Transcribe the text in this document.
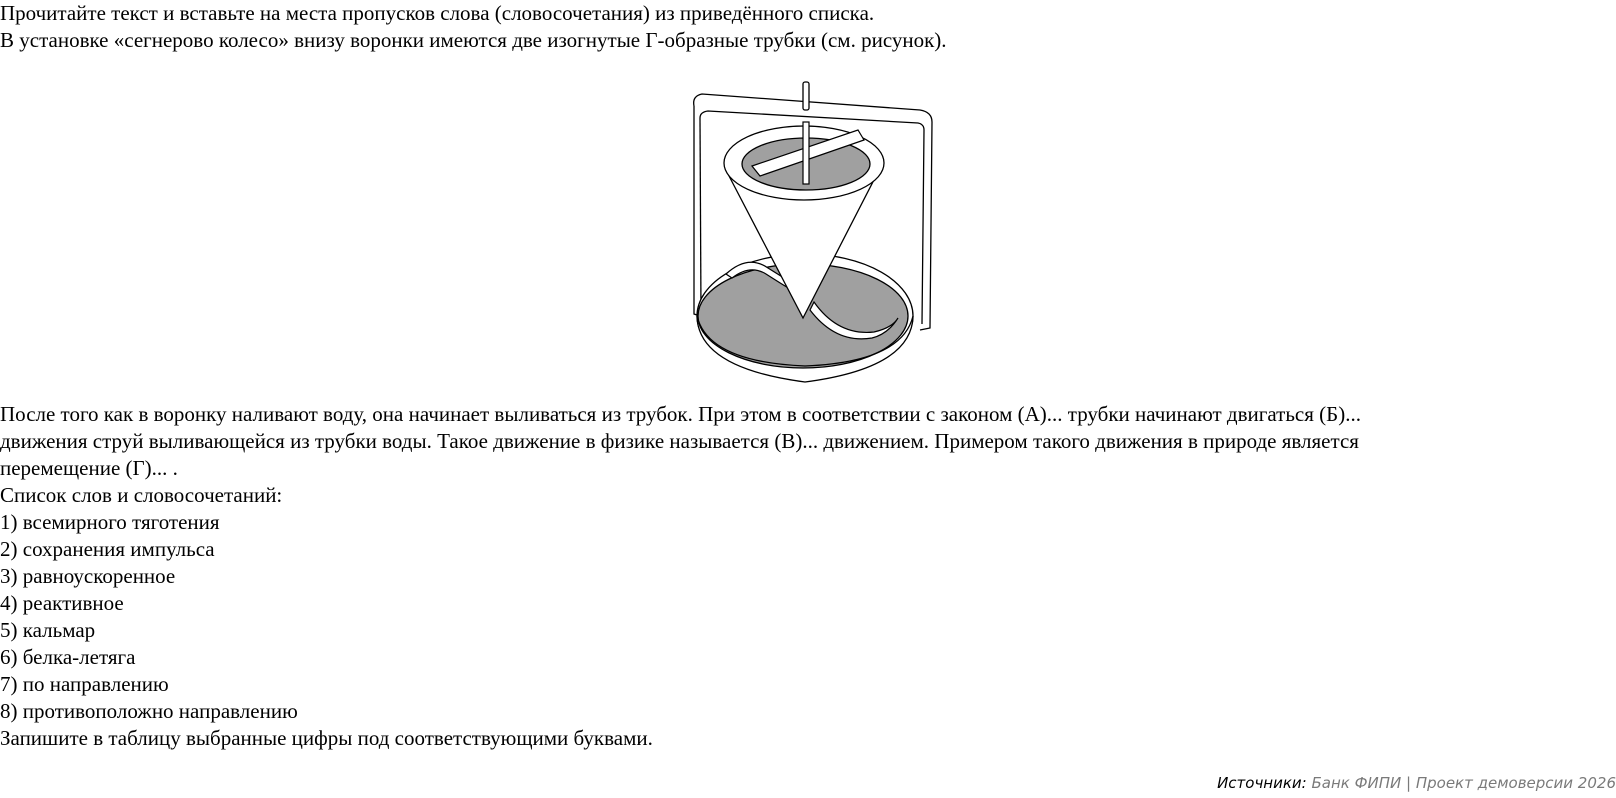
Прочитайте текст и вставьте на места пропусков слова (словосочетания) из приведённого списка.
В установке «сегнерово колесо» внизу воронки имеются две изогнутые Г-образные трубки (см. рисунок).
После того как в воронку наливают воду, она начинает выливаться из трубок. При этом в соответствии с законом (А)... трубки начинают двигаться (Б)...
движения струй выливающейся из трубки воды. Такое движение в физике называется (В)... движением. Примером такого движения в природе является
перемещение (Г)... .
Список слов и словосочетаний:
1) всемирного тяготения
2) сохранения импульса
3) равноускоренное
4) реактивное
5) кальмар
6) белка-летяга
7) по направлению
8) противоположно направлению
Запишите в таблицу выбранные цифры под соответствующими буквами.
Источники: Банк ФИПИ | Проект демоверсии 2026
